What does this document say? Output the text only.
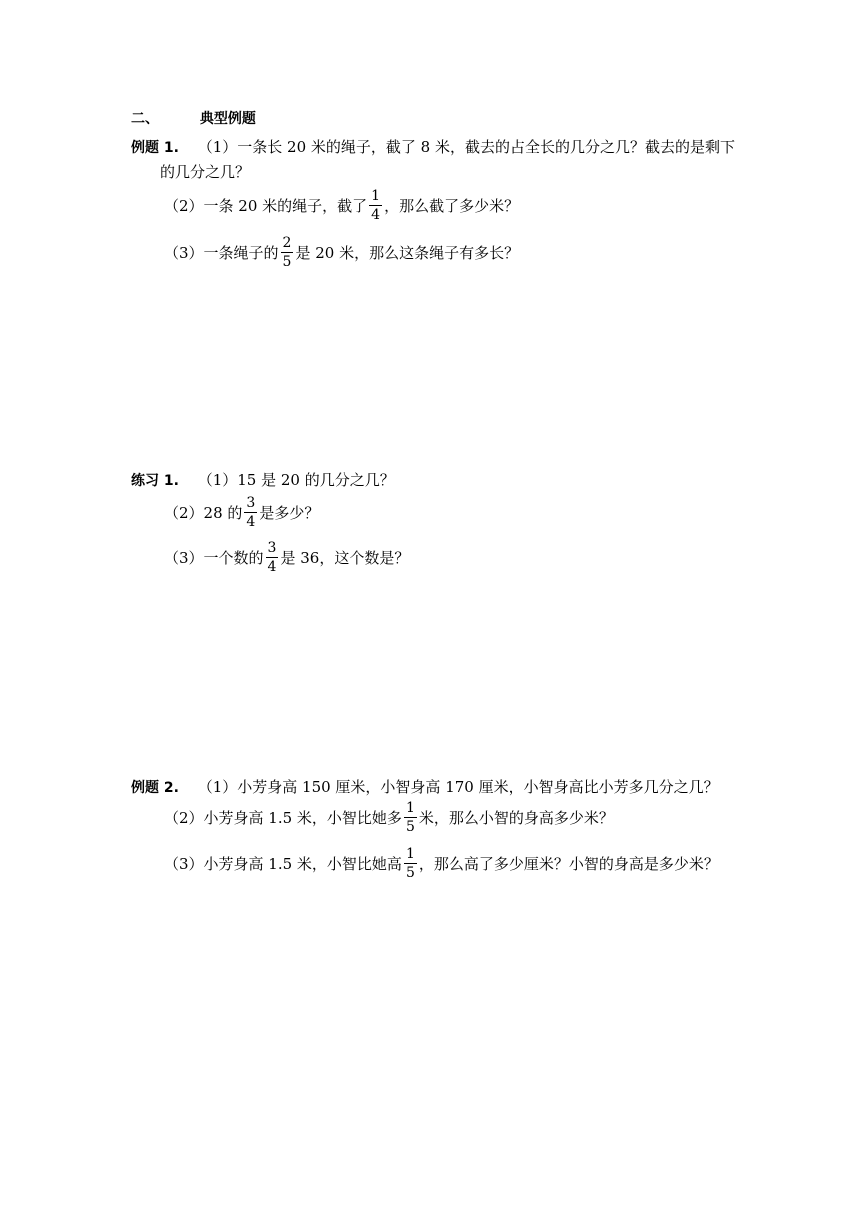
二、	典型例题
例题 1. （1）一条长 20 米的绳子，截了 8 米，截去的占全长的几分之几？截去的是剩下
的几分之几？
（2）一条 20 米的绳子，截了 $\frac{1}{4}$ ，那么截了多少米？
（3）一条绳子的 $\frac{2}{5}$ 是 20 米，那么这条绳子有多长？
练习 1. （1）15 是 20 的几分之几？
（2）28 的 $\frac{3}{4}$ 是多少？
（3）一个数的 $\frac{3}{4}$ 是 36，这个数是？
例题 2. （1）小芳身高 150 厘米，小智身高 170 厘米，小智身高比小芳多几分之几？
（2）小芳身高 1.5 米，小智比她多 $\frac{1}{5}$ 米，那么小智的身高多少米？
（3）小芳身高 1.5 米，小智比她高 $\frac{1}{5}$ ，那么高了多少厘米？小智的身高是多少米？
